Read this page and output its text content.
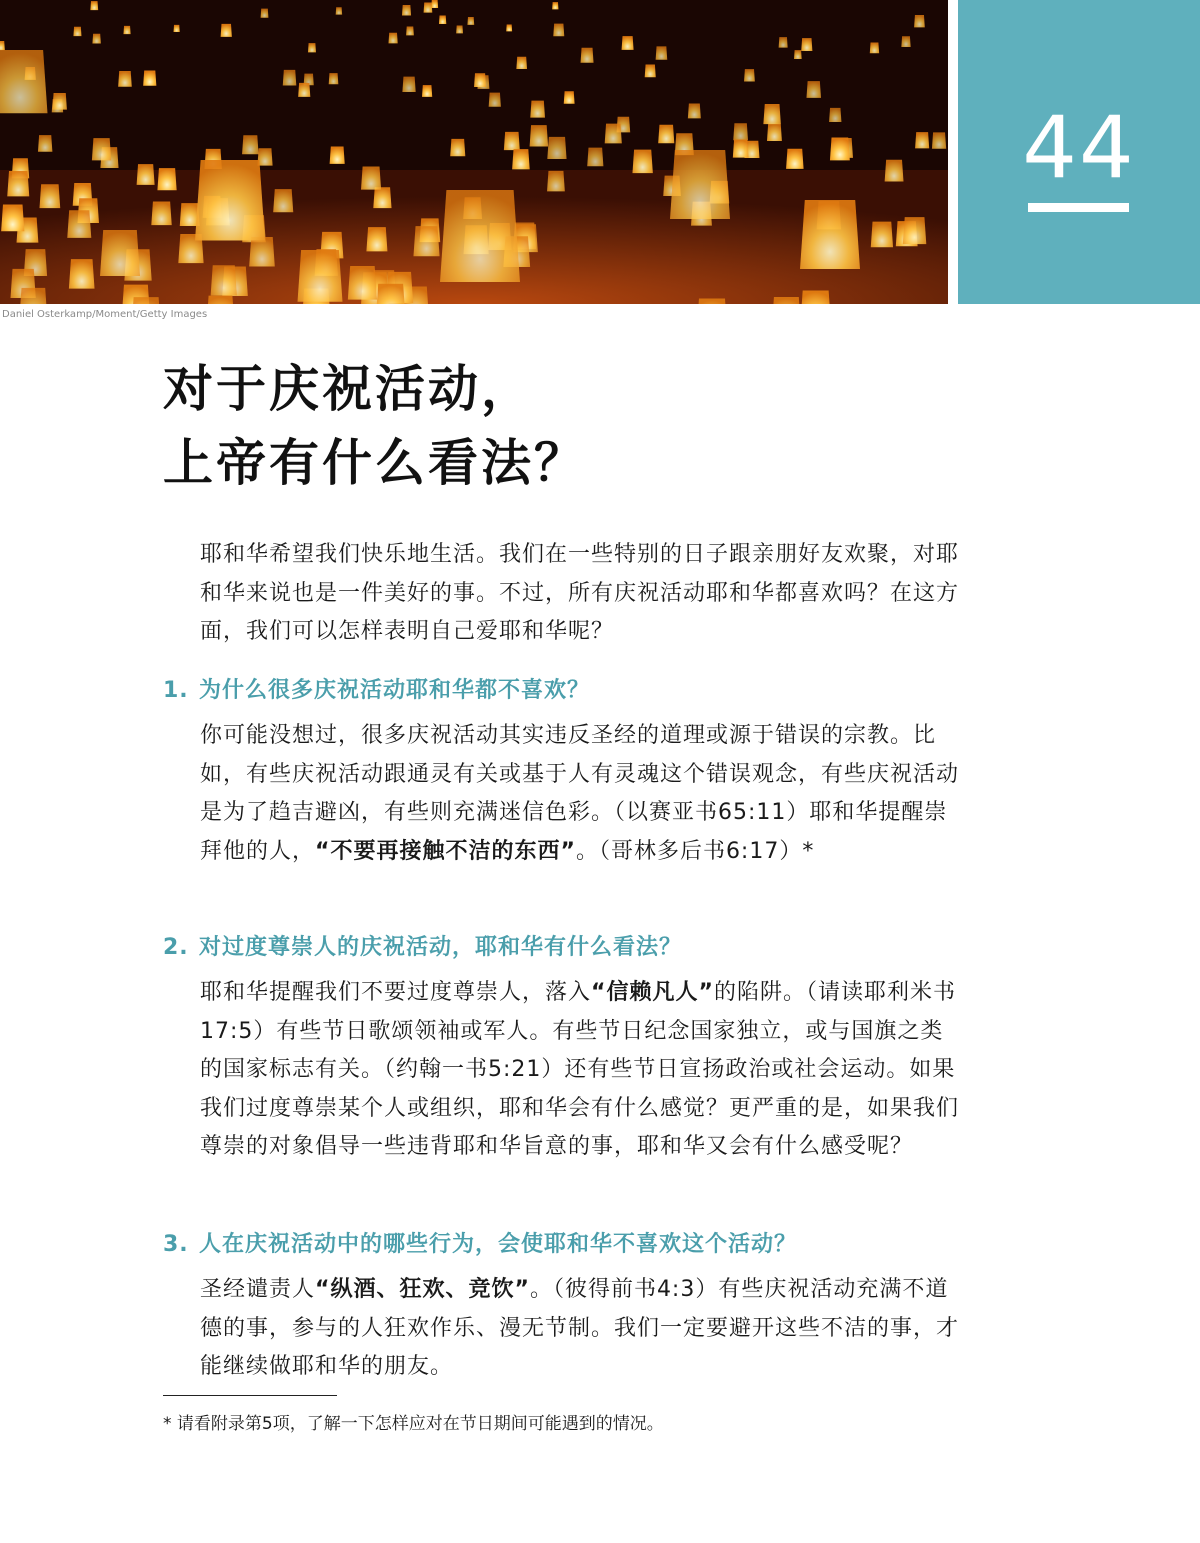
44
Daniel Osterkamp/Moment/Getty Images
对于庆祝活动，
上帝有什么看法？

耶和华希望我们快乐地生活。我们在一些特别的日子跟亲朋好友欢聚，对耶和华来说也是一件美好的事。不过，所有庆祝活动耶和华都喜欢吗？在这方面，我们可以怎样表明自己爱耶和华呢？

1. 为什么很多庆祝活动耶和华都不喜欢？

你可能没想过，很多庆祝活动其实违反圣经的道理或源于错误的宗教。比如，有些庆祝活动跟通灵有关或基于人有灵魂这个错误观念，有些庆祝活动是为了趋吉避凶，有些则充满迷信色彩。（以赛亚书65:11）耶和华提醒崇拜他的人，“不要再接触不洁的东西”。（哥林多后书6:17）*

2. 对过度尊崇人的庆祝活动，耶和华有什么看法？

耶和华提醒我们不要过度尊崇人，落入“信赖凡人”的陷阱。（请读耶利米书17:5）有些节日歌颂领袖或军人。有些节日纪念国家独立，或与国旗之类的国家标志有关。（约翰一书5:21）还有些节日宣扬政治或社会运动。如果我们过度尊崇某个人或组织，耶和华会有什么感觉？更严重的是，如果我们尊崇的对象倡导一些违背耶和华旨意的事，耶和华又会有什么感受呢？

3. 人在庆祝活动中的哪些行为，会使耶和华不喜欢这个活动？

圣经谴责人“纵酒、狂欢、竞饮”。（彼得前书4:3）有些庆祝活动充满不道德的事，参与的人狂欢作乐、漫无节制。我们一定要避开这些不洁的事，才能继续做耶和华的朋友。

* 请看附录第5项，了解一下怎样应对在节日期间可能遇到的情况。
